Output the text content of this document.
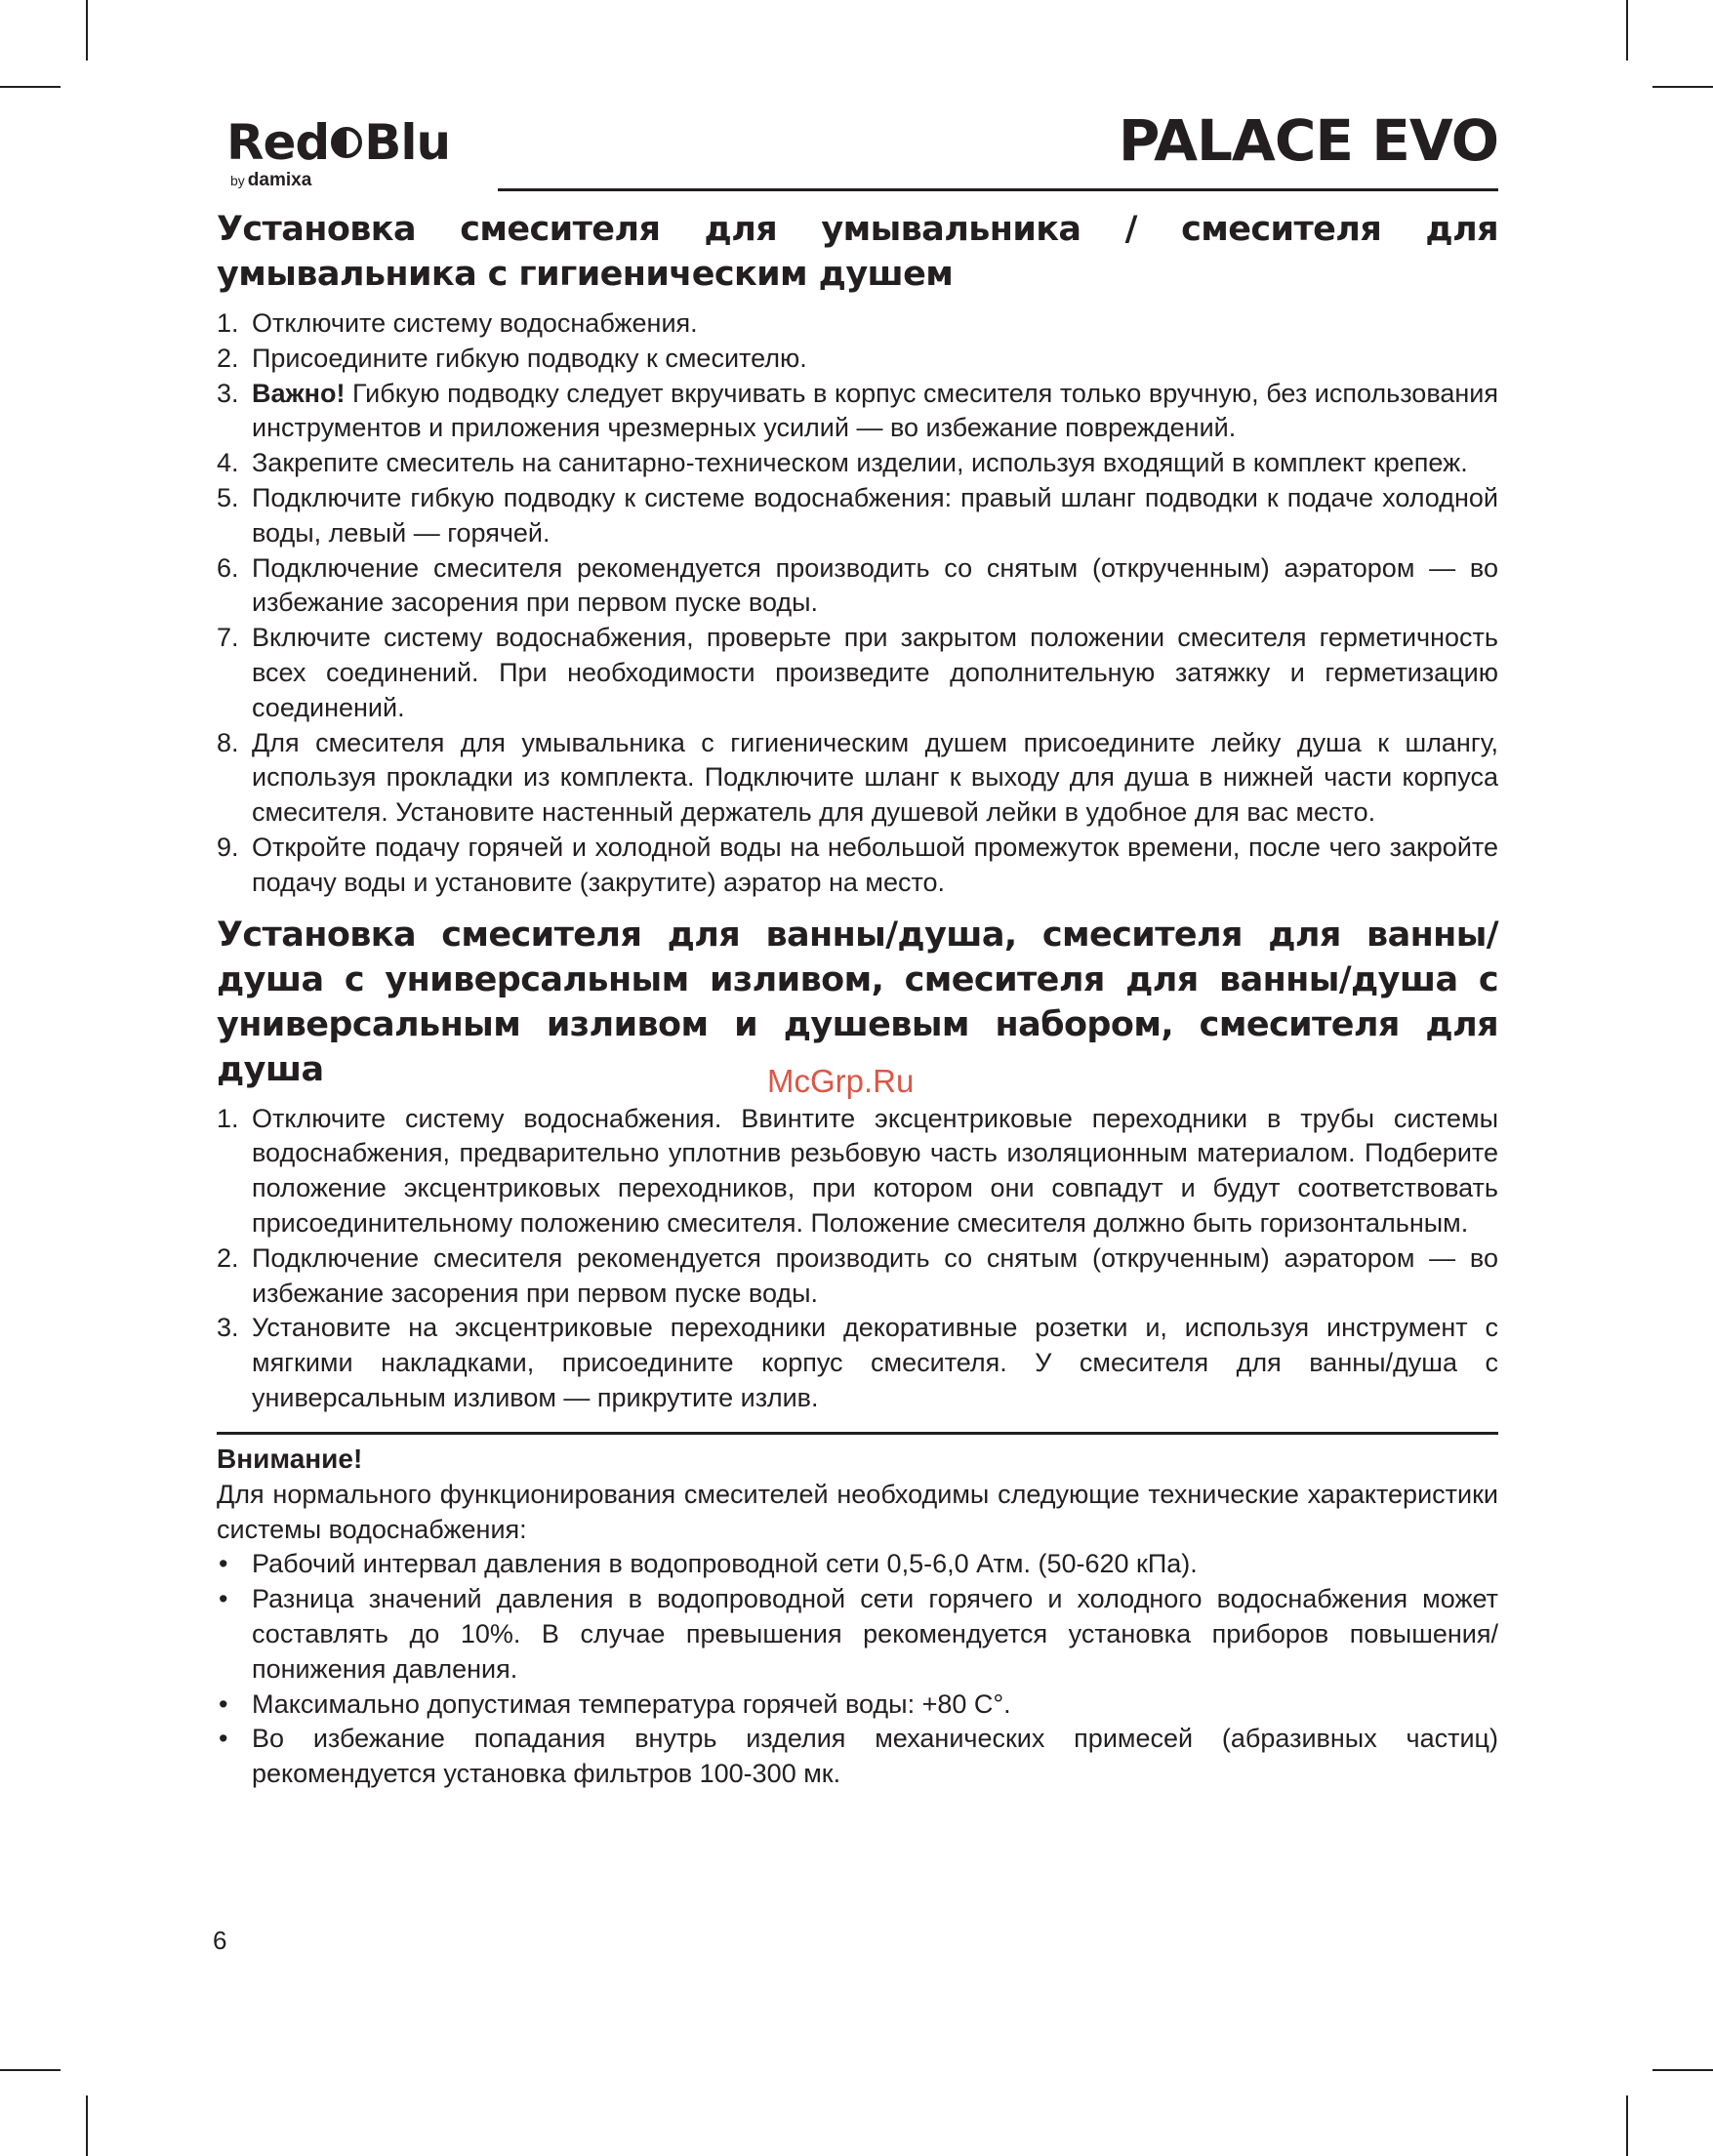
Red Blu
by damixa
PALACE EVO
Установка смесителя для умывальника / смесителя для умывальника с гигиеническим душем
1. Отключите систему водоснабжения.
2. Присоедините гибкую подводку к смесителю.
3. Важно! Гибкую подводку следует вкручивать в корпус смесителя только вручную, без использования инструментов и приложения чрезмерных усилий — во избежание повреждений.
4. Закрепите смеситель на санитарно-техническом изделии, используя входящий в комплект крепеж.
5. Подключите гибкую подводку к системе водоснабжения: правый шланг подводки к подаче холодной воды, левый — горячей.
6. Подключение смесителя рекомендуется производить со снятым (открученным) аэратором — во избежание засорения при первом пуске воды.
7. Включите систему водоснабжения, проверьте при закрытом положении смесителя герметичность всех соединений. При необходимости произведите дополнительную затяжку и герметизацию соединений.
8. Для смесителя для умывальника с гигиеническим душем присоедините лейку душа к шлангу, используя прокладки из комплекта. Подключите шланг к выходу для душа в нижней части корпуса смесителя. Установите настенный держатель для душевой лейки в удобное для вас место.
9. Откройте подачу горячей и холодной воды на небольшой промежуток времени, после чего закройте подачу воды и установите (закрутите) аэратор на место.
Установка смесителя для ванны/душа, смесителя для ванны/душа с универсальным изливом, смесителя для ванны/душа с универсальным изливом и душевым набором, смесителя для душа
1. Отключите систему водоснабжения. Ввинтите эксцентриковые переходники в трубы системы водоснабжения, предварительно уплотнив резьбовую часть изоляционным материалом. Подберите положение эксцентриковых переходников, при котором они совпадут и будут соответствовать присоединительному положению смесителя. Положение смесителя должно быть горизонтальным.
2. Подключение смесителя рекомендуется производить со снятым (открученным) аэратором — во избежание засорения при первом пуске воды.
3. Установите на эксцентриковые переходники декоративные розетки и, используя инструмент с мягкими накладками, присоедините корпус смесителя. У смесителя для ванны/душа с универсальным изливом — прикрутите излив.
Внимание!

Для нормального функционирования смесителей необходимы следующие технические характеристики системы водоснабжения:

• Рабочий интервал давления в водопроводной сети 0,5-6,0 Атм. (50-620 кПа).
• Разница значений давления в водопроводной сети горячего и холодного водоснабжения может составлять до 10%. В случае превышения рекомендуется установка приборов повышения/понижения давления.
• Максимально допустимая температура горячей воды: +80 С°.
• Во избежание попадания внутрь изделия механических примесей (абразивных частиц) рекомендуется установка фильтров 100-300 мк.
McGrp.Ru
6
